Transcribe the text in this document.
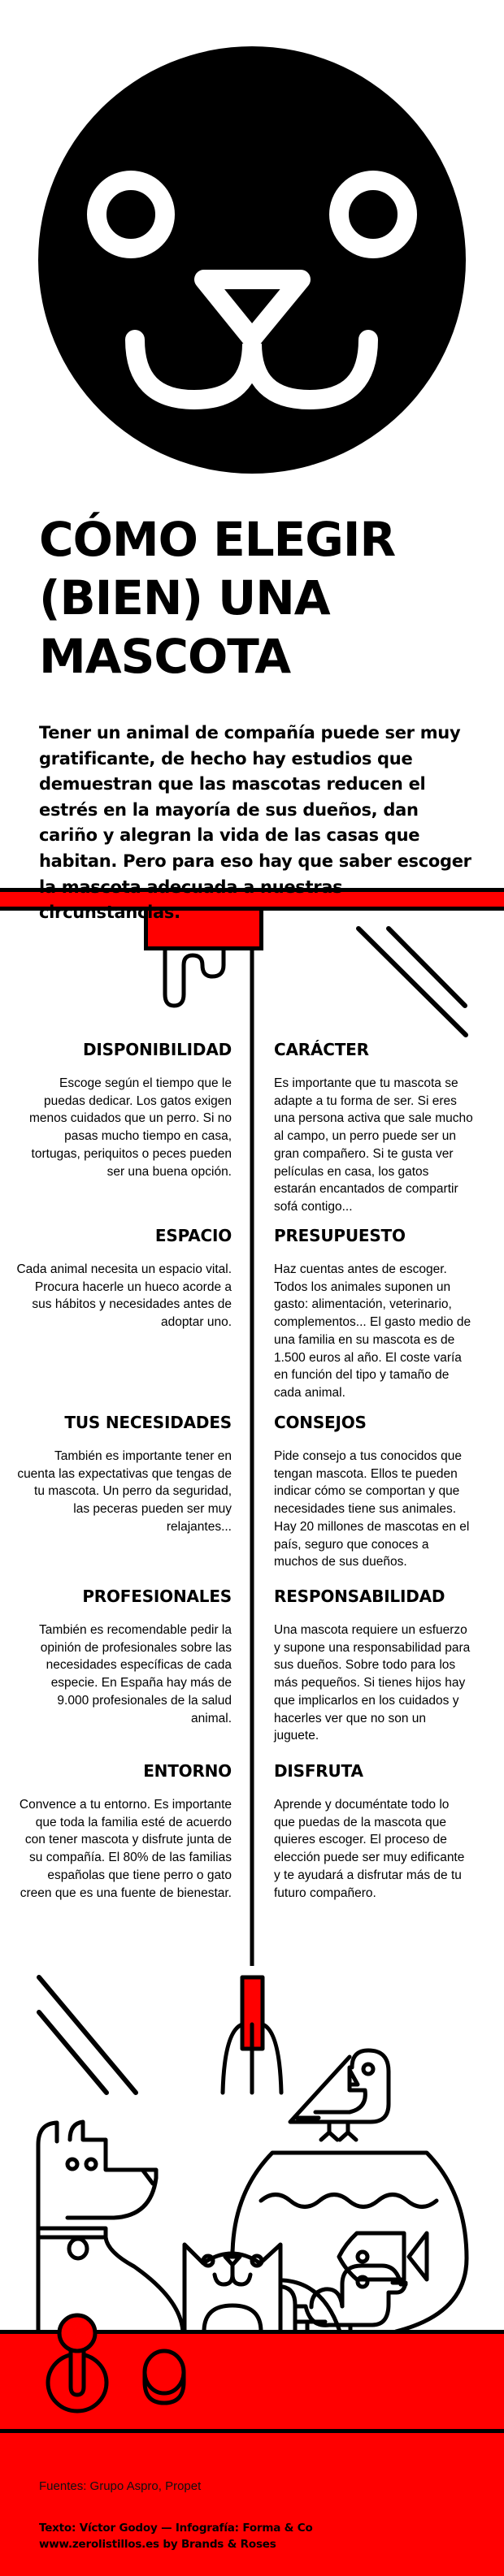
CÓMO ELEGIR
(BIEN) UNA
MASCOTA

Tener un animal de compañía puede ser muy gratificante, de hecho hay estudios que demuestran que las mascotas reducen el estrés en la mayoría de sus dueños, dan cariño y alegran la vida de las casas que habitan. Pero para eso hay que saber escoger la mascota adecuada a nuestras circunstancias.

DISPONIBILIDAD

Escoge según el tiempo que le puedas dedicar. Los gatos exigen menos cuidados que un perro. Si no pasas mucho tiempo en casa, tortugas, periquitos o peces pueden ser una buena opción.

ESPACIO

Cada animal necesita un espacio vital. Procura hacerle un hueco acorde a sus hábitos y necesidades antes de adoptar uno.

TUS NECESIDADES

También es importante tener en cuenta las expectativas que tengas de tu mascota. Un perro da seguridad, las peceras pueden ser muy relajantes...

PROFESIONALES

También es recomendable pedir la opinión de profesionales sobre las necesidades específicas de cada especie. En España hay más de 9.000 profesionales de la salud animal.

ENTORNO

Convence a tu entorno. Es importante que toda la familia esté de acuerdo con tener mascota y disfrute junta de su compañía. El 80% de las familias españolas que tiene perro o gato creen que es una fuente de bienestar.

CARÁCTER

Es importante que tu mascota se adapte a tu forma de ser. Si eres una persona activa que sale mucho al campo, un perro puede ser un gran compañero. Si te gusta ver películas en casa, los gatos estarán encantados de compartir sofá contigo...

PRESUPUESTO

Haz cuentas antes de escoger. Todos los animales suponen un gasto: alimentación, veterinario, complementos... El gasto medio de una familia en su mascota es de 1.500 euros al año. El coste varía en función del tipo y tamaño de cada animal.

CONSEJOS

Pide consejo a tus conocidos que tengan mascota. Ellos te pueden indicar cómo se comportan y que necesidades tiene sus animales. Hay 20 millones de mascotas en el país, seguro que conoces a muchos de sus dueños.

RESPONSABILIDAD

Una mascota requiere un esfuerzo y supone una responsabilidad para sus dueños. Sobre todo para los más pequeños. Si tienes hijos hay que implicarlos en los cuidados y hacerles ver que no son un juguete.

DISFRUTA

Aprende y documéntate todo lo que puedas de la mascota que quieres escoger. El proceso de elección puede ser muy edificante y te ayudará a disfrutar más de tu futuro compañero.

Fuentes: Grupo Aspro, Propet

Texto: Víctor Godoy — Infografía: Forma & Co
www.zerolistillos.es by Brands & Roses
